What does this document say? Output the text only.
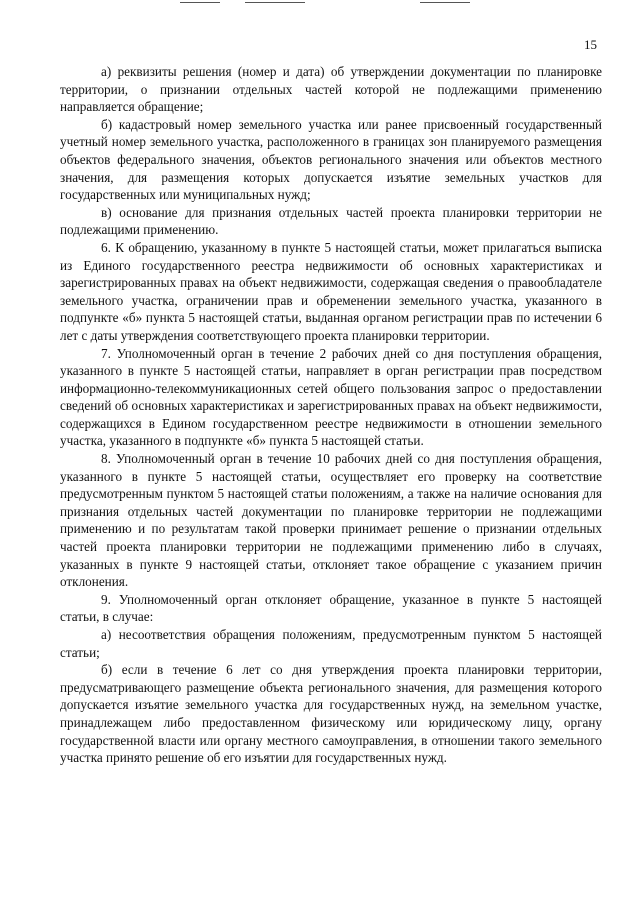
15

а) реквизиты решения (номер и дата) об утверждении документации по планировке территории, о признании отдельных частей которой не подлежащими применению направляется обращение;

б) кадастровый номер земельного участка или ранее присвоенный государственный учетный номер земельного участка, расположенного в границах зон планируемого размещения объектов федерального значения, объектов регионального значения или объектов местного значения, для размещения которых допускается изъятие земельных участков для государственных или муниципальных нужд;

в) основание для признания отдельных частей проекта планировки территории не подлежащими применению.

6. К обращению, указанному в пункте 5 настоящей статьи, может прилагаться выписка из Единого государственного реестра недвижимости об основных характеристиках и зарегистрированных правах на объект недвижимости, содержащая сведения о правообладателе земельного участка, ограничении прав и обременении земельного участка, указанного в подпункте «б» пункта 5 настоящей статьи, выданная органом регистрации прав по истечении 6 лет с даты утверждения соответствующего проекта планировки территории.

7. Уполномоченный орган в течение 2 рабочих дней со дня поступления обращения, указанного в пункте 5 настоящей статьи, направляет в орган регистрации прав посредством информационно-телекоммуникационных сетей общего пользования запрос о предоставлении сведений об основных характеристиках и зарегистрированных правах на объект недвижимости, содержащихся в Едином государственном реестре недвижимости в отношении земельного участка, указанного в подпункте «б» пункта 5 настоящей статьи.

8. Уполномоченный орган в течение 10 рабочих дней со дня поступления обращения, указанного в пункте 5 настоящей статьи, осуществляет его проверку на соответствие предусмотренным пунктом 5 настоящей статьи положениям, а также на наличие основания для признания отдельных частей документации по планировке территории не подлежащими применению и по результатам такой проверки принимает решение о признании отдельных частей проекта планировки территории не подлежащими применению либо в случаях, указанных в пункте 9 настоящей статьи, отклоняет такое обращение с указанием причин отклонения.

9. Уполномоченный орган отклоняет обращение, указанное в пункте 5 настоящей статьи, в случае:

а) несоответствия обращения положениям, предусмотренным пунктом 5 настоящей статьи;

б) если в течение 6 лет со дня утверждения проекта планировки территории, предусматривающего размещение объекта регионального значения, для размещения которого допускается изъятие земельного участка для государственных нужд, на земельном участке, принадлежащем либо предоставленном физическому или юридическому лицу, органу государственной власти или органу местного самоуправления, в отношении такого земельного участка принято решение об его изъятии для государственных нужд.
